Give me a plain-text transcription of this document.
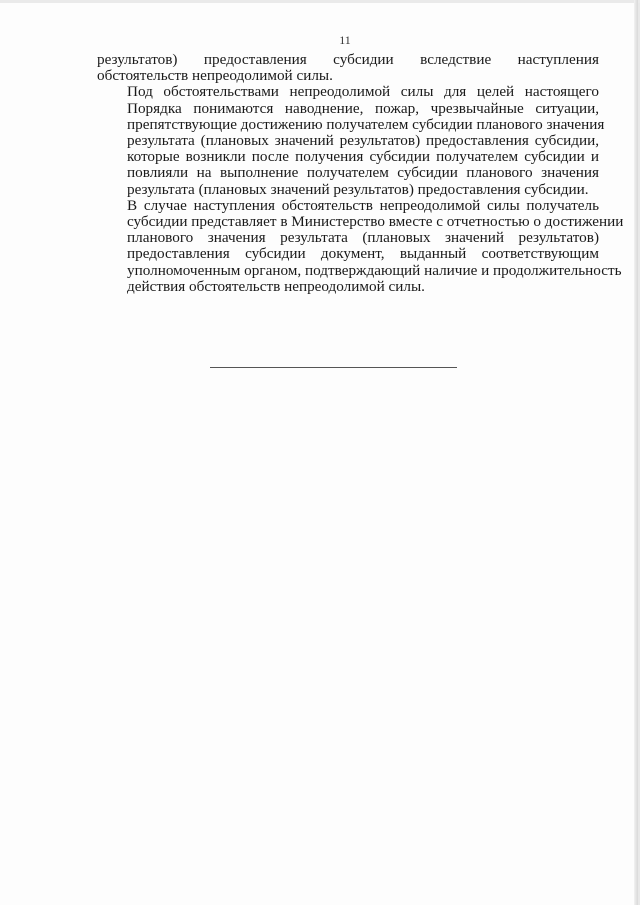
11

результатов) предоставления субсидии вследствие наступления
обстоятельств непреодолимой силы.

Под обстоятельствами непреодолимой силы для целей настоящего
Порядка понимаются наводнение, пожар, чрезвычайные ситуации,
препятствующие достижению получателем субсидии планового значения
результата (плановых значений результатов) предоставления субсидии,
которые возникли после получения субсидии получателем субсидии и
повлияли на выполнение получателем субсидии планового значения
результата (плановых значений результатов) предоставления субсидии.

В случае наступления обстоятельств непреодолимой силы получатель
субсидии представляет в Министерство вместе с отчетностью о достижении
планового значения результата (плановых значений результатов)
предоставления субсидии документ, выданный соответствующим
уполномоченным органом, подтверждающий наличие и продолжительность
действия обстоятельств непреодолимой силы.
